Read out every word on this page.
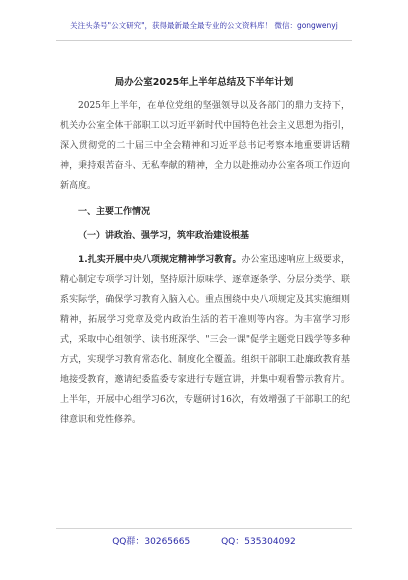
关注头条号"公文研究"，获得最新最全最专业的公文资料库！ 微信：gongwenyj
局办公室2025年上半年总结及下半年计划

2025年上半年，在单位党组的坚强领导以及各部门的鼎力支持下，机关办公室全体干部职工以习近平新时代中国特色社会主义思想为指引，深入贯彻党的二十届三中全会精神和习近平总书记考察本地重要讲话精神，秉持艰苦奋斗、无私奉献的精神，全力以赴推动办公室各项工作迈向新高度。

一、主要工作情况

（一）讲政治、强学习，筑牢政治建设根基

1.扎实开展中央八项规定精神学习教育。办公室迅速响应上级要求，精心制定专项学习计划，坚持原汁原味学、逐章逐条学、分层分类学、联系实际学，确保学习教育入脑入心。重点围绕中央八项规定及其实施细则精神，拓展学习党章及党内政治生活的若干准则等内容。为丰富学习形式，采取中心组领学、读书班深学、"三会一课"促学主题党日践学等多种方式，实现学习教育常态化、制度化全覆盖。组织干部职工赴廉政教育基地接受教育，邀请纪委监委专家进行专题宣讲，并集中观看警示教育片。上半年，开展中心组学习6次，专题研讨16次，有效增强了干部职工的纪律意识和党性修养。

QQ群：30265665	QQ：535304092
